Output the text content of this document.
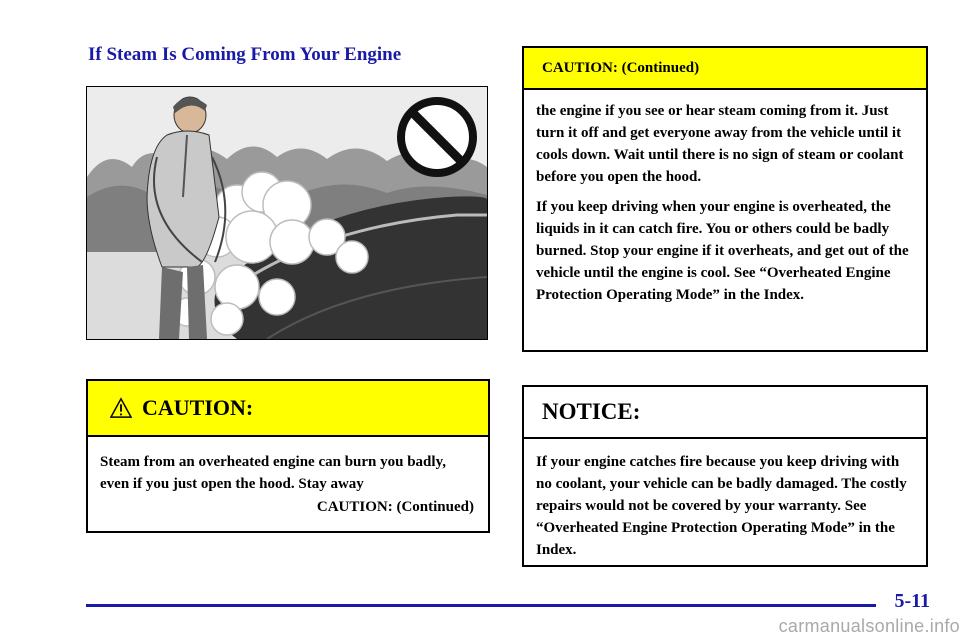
If Steam Is Coming From Your Engine
CAUTION:
Steam from an overheated engine can burn you badly, even if you just open the hood. Stay away
CAUTION: (Continued)
CAUTION: (Continued)

the engine if you see or hear steam coming from it. Just turn it off and get everyone away from the vehicle until it cools down. Wait until there is no sign of steam or coolant before you open the hood.

If you keep driving when your engine is overheated, the liquids in it can catch fire. You or others could be badly burned. Stop your engine if it overheats, and get out of the vehicle until the engine is cool. See “Overheated Engine Protection Operating Mode” in the Index.

NOTICE:
If your engine catches fire because you keep driving with no coolant, your vehicle can be badly damaged. The costly repairs would not be covered by your warranty. See “Overheated Engine Protection Operating Mode” in the Index.
5-11
carmanualsonline.info
